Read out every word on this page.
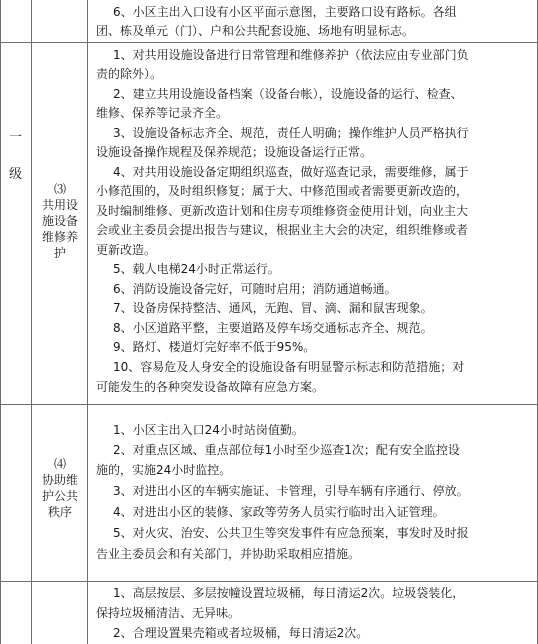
一
级
⑶
共用设
施设备
维修养
护
⑷
协助维
护公共
秩序
6、小区主出入口设有小区平面示意图，主要路口设有路标。各组
团、栋及单元（门）、户和公共配套设施、场地有明显标志。
1、对共用设施设备进行日常管理和维修养护（依法应由专业部门负
责的除外）。
2、建立共用设施设备档案（设备台帐），设施设备的运行、检查、
维修、保养等记录齐全。
3、设施设备标志齐全、规范，责任人明确；操作维护人员严格执行
设施设备操作规程及保养规范；设施设备运行正常。
4、对共用设施设备定期组织巡查，做好巡查记录，需要维修，属于
小修范围的，及时组织修复；属于大、中修范围或者需要更新改造的，
及时编制维修、更新改造计划和住房专项维修资金使用计划，向业主大
会或业主委员会提出报告与建议，根据业主大会的决定，组织维修或者
更新改造。
5、载人电梯24小时正常运行。
6、消防设施设备完好，可随时启用；消防通道畅通。
7、设备房保持整洁、通风，无跑、冒、滴、漏和鼠害现象。
8、小区道路平整，主要道路及停车场交通标志齐全、规范。
9、路灯、楼道灯完好率不低于95%。
10、容易危及人身安全的设施设备有明显警示标志和防范措施；对
可能发生的各种突发设备故障有应急方案。
1、小区主出入口24小时站岗值勤。
2、对重点区域、重点部位每1小时至少巡查1次；配有安全监控设
施的，实施24小时监控。
3、对进出小区的车辆实施证、卡管理，引导车辆有序通行、停放。
4、对进出小区的装修、家政等劳务人员实行临时出入证管理。
5、对火灾、治安、公共卫生等突发事件有应急预案，事发时及时报
告业主委员会和有关部门，并协助采取相应措施。
1、高层按层、多层按幢设置垃圾桶，每日清运2次。垃圾袋装化，
保持垃圾桶清洁、无异味。
2、合理设置果壳箱或者垃圾桶，每日清运2次。
